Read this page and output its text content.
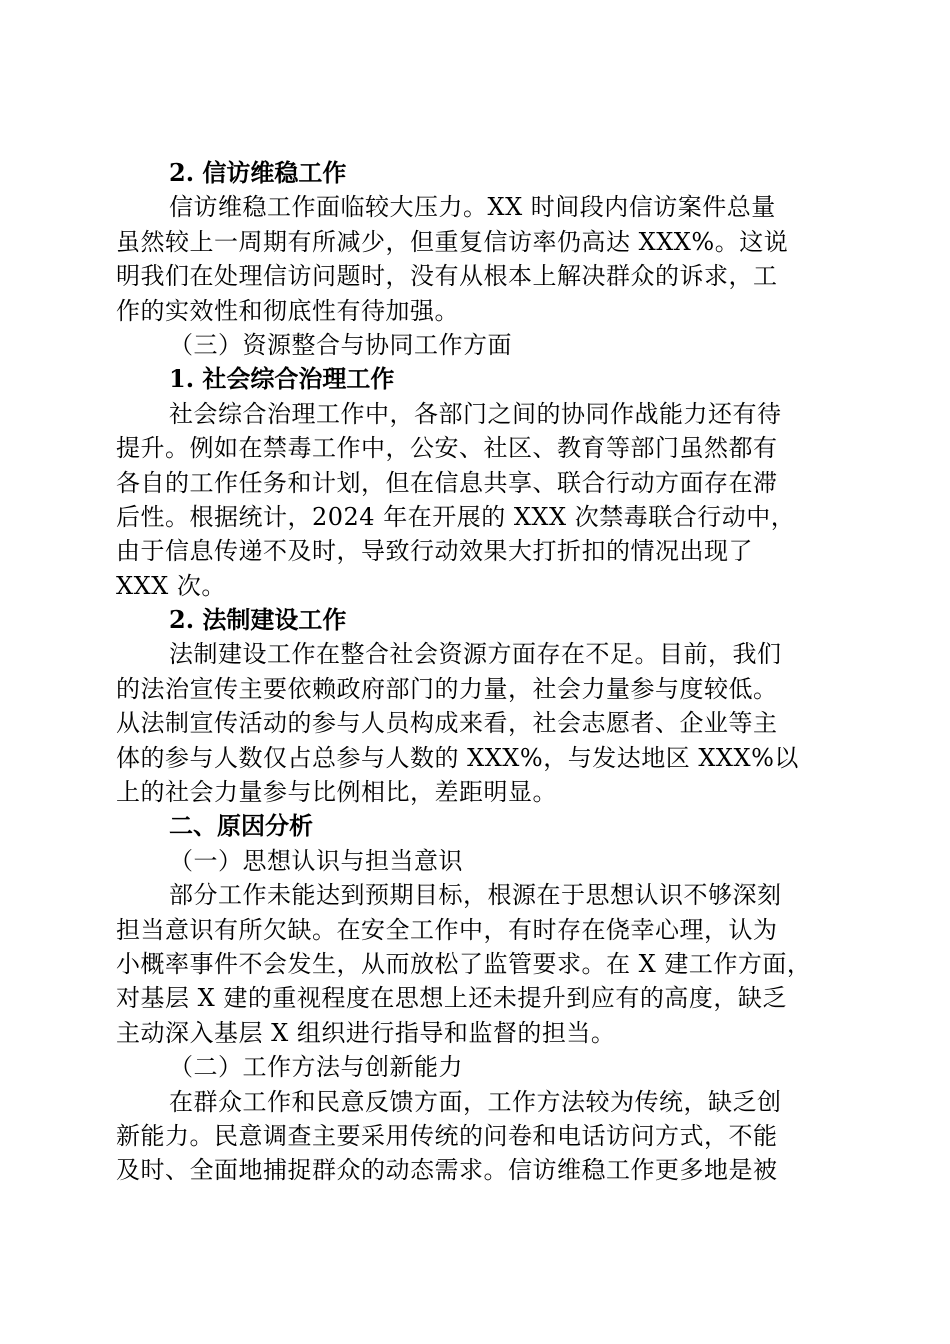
2. 信访维稳工作
信访维稳工作面临较大压力。XX 时间段内信访案件总量
虽然较上一周期有所减少，但重复信访率仍高达 XXX%。这说
明我们在处理信访问题时，没有从根本上解决群众的诉求，工
作的实效性和彻底性有待加强。
（三）资源整合与协同工作方面
1. 社会综合治理工作
社会综合治理工作中，各部门之间的协同作战能力还有待
提升。例如在禁毒工作中，公安、社区、教育等部门虽然都有
各自的工作任务和计划，但在信息共享、联合行动方面存在滞
后性。根据统计，2024 年在开展的 XXX 次禁毒联合行动中，
由于信息传递不及时，导致行动效果大打折扣的情况出现了
XXX 次。
2. 法制建设工作
法制建设工作在整合社会资源方面存在不足。目前，我们
的法治宣传主要依赖政府部门的力量，社会力量参与度较低。
从法制宣传活动的参与人员构成来看，社会志愿者、企业等主
体的参与人数仅占总参与人数的 XXX%，与发达地区 XXX%以
上的社会力量参与比例相比，差距明显。
二、原因分析
（一）思想认识与担当意识
部分工作未能达到预期目标，根源在于思想认识不够深刻
担当意识有所欠缺。在安全工作中，有时存在侥幸心理，认为
小概率事件不会发生，从而放松了监管要求。在 X 建工作方面，
对基层 X 建的重视程度在思想上还未提升到应有的高度，缺乏
主动深入基层 X 组织进行指导和监督的担当。
（二）工作方法与创新能力
在群众工作和民意反馈方面，工作方法较为传统，缺乏创
新能力。民意调查主要采用传统的问卷和电话访问方式，不能
及时、全面地捕捉群众的动态需求。信访维稳工作更多地是被
